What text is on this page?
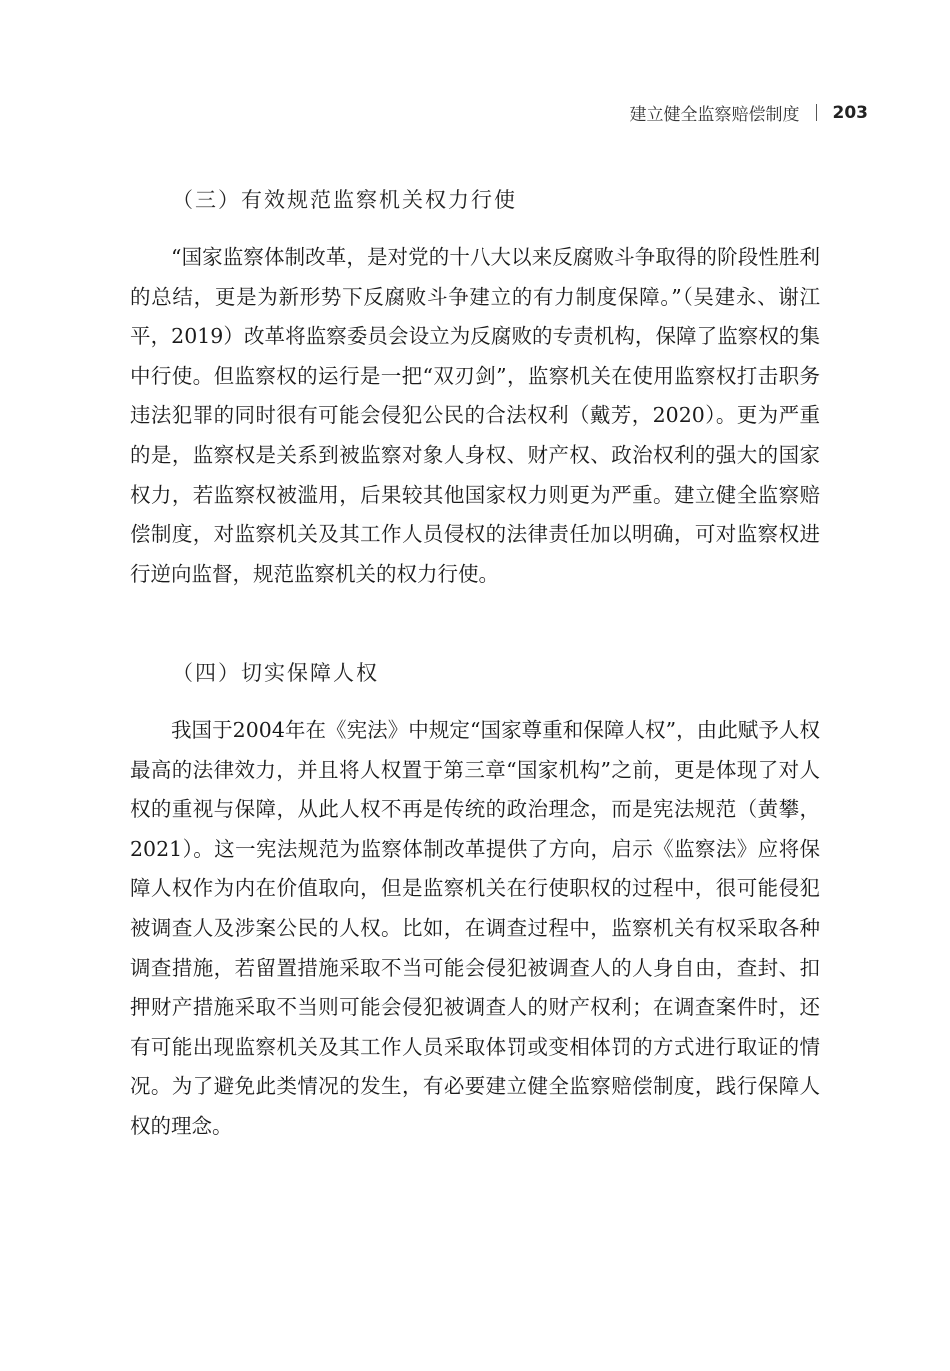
建立健全监察赔偿制度 203
（三）有效规范监察机关权力行使

“国家监察体制改革，是对党的十八大以来反腐败斗争取得的阶段性胜利的总结，更是为新形势下反腐败斗争建立的有力制度保障。”（吴建永、谢江平，2019）改革将监察委员会设立为反腐败的专责机构，保障了监察权的集中行使。但监察权的运行是一把“双刃剑”，监察机关在使用监察权打击职务违法犯罪的同时很有可能会侵犯公民的合法权利（戴芳，2020）。更为严重的是，监察权是关系到被监察对象人身权、财产权、政治权利的强大的国家权力，若监察权被滥用，后果较其他国家权力则更为严重。建立健全监察赔偿制度，对监察机关及其工作人员侵权的法律责任加以明确，可对监察权进行逆向监督，规范监察机关的权力行使。

（四）切实保障人权

我国于2004年在《宪法》中规定“国家尊重和保障人权”，由此赋予人权最高的法律效力，并且将人权置于第三章“国家机构”之前，更是体现了对人权的重视与保障，从此人权不再是传统的政治理念，而是宪法规范（黄攀，2021）。这一宪法规范为监察体制改革提供了方向，启示《监察法》应将保障人权作为内在价值取向，但是监察机关在行使职权的过程中，很可能侵犯被调查人及涉案公民的人权。比如，在调查过程中，监察机关有权采取各种调查措施，若留置措施采取不当可能会侵犯被调查人的人身自由，查封、扣押财产措施采取不当则可能会侵犯被调查人的财产权利；在调查案件时，还有可能出现监察机关及其工作人员采取体罚或变相体罚的方式进行取证的情况。为了避免此类情况的发生，有必要建立健全监察赔偿制度，践行保障人权的理念。
